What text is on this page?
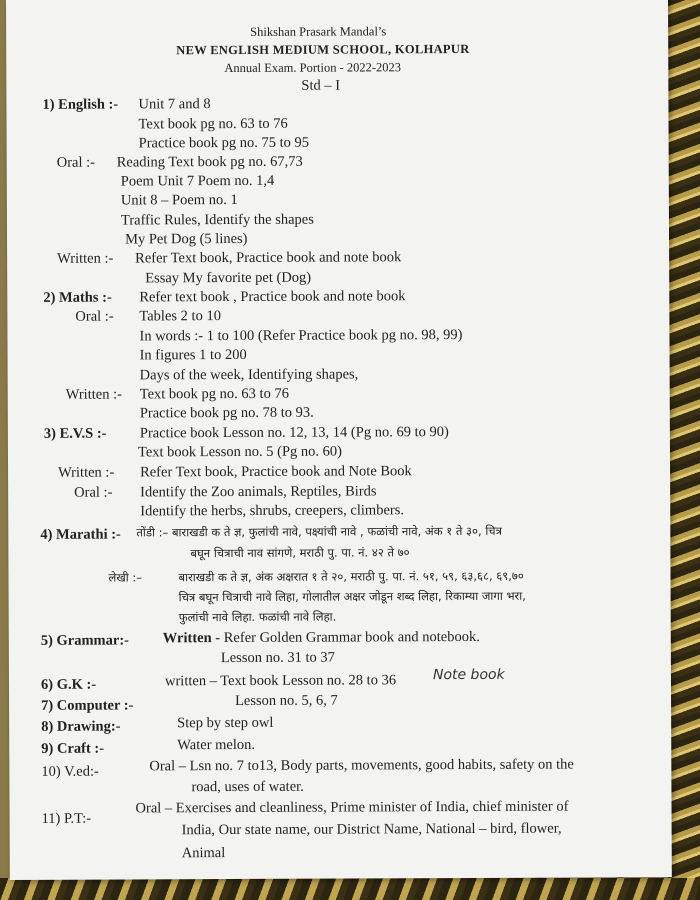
Shikshan Prasark Mandal’s
NEW ENGLISH MEDIUM SCHOOL, KOLHAPUR
Annual Exam. Portion - 2022-2023
Std – I
1) English :- Unit 7 and 8
Text book pg no. 63 to 76
Practice book pg no. 75 to 95
Oral :- Reading Text book pg no. 67,73
Poem Unit 7 Poem no. 1,4
Unit 8 – Poem no. 1
Traffic Rules, Identify the shapes
My Pet Dog (5 lines)
Written :- Refer Text book, Practice book and note book
Essay My favorite pet (Dog)
2) Maths :- Refer text book , Practice book and note book
Oral :- Tables 2 to 10
In words :- 1 to 100 (Refer Practice book pg no. 98, 99)
In figures 1 to 200
Days of the week, Identifying shapes,
Written :- Text book pg no. 63 to 76
Practice book pg no. 78 to 93.
3) E.V.S :- Practice book Lesson no. 12, 13, 14 (Pg no. 69 to 90)
Text book Lesson no. 5 (Pg no. 60)
Written :- Refer Text book, Practice book and Note Book
Oral :- Identify the Zoo animals, Reptiles, Birds
Identify the herbs, shrubs, creepers, climbers.
4) Marathi :- तोंडी :– बाराखडी क ते ज्ञ, फुलांची नावे, पक्ष्यांची नावे , फळांची नावे, अंक १ ते ३०, चित्र
बघून चित्राची नाव सांगणे, मराठी पु. पा. नं. ४२ ते ७०
लेखी :–	बाराखडी क ते ज्ञ, अंक अक्षरात १ ते २०, मराठी पु. पा. नं. ५१, ५९, ६३,६८, ६९,७०
चित्र बघून चित्राची नावे लिहा, गोलातील अक्षर जोडून शब्द लिहा, रिकाम्या जागा भरा,
फुलांची नावे लिहा. फळांची नावे लिहा.
5) Grammar:- Written - Refer Golden Grammar book and notebook.
Lesson no. 31 to 37
6) G.K :-	written – Text book Lesson no. 28 to 36	Note book
7) Computer :-	Lesson no. 5, 6, 7
8) Drawing:-	Step by step owl
9) Craft :-	Water melon.
10) V.ed:-	Oral – Lsn no. 7 to13, Body parts, movements, good habits, safety on the
road, uses of water.
11) P.T:-
Oral – Exercises and cleanliness, Prime minister of India, chief minister of
India, Our state name, our District Name, National – bird, flower,
Animal
